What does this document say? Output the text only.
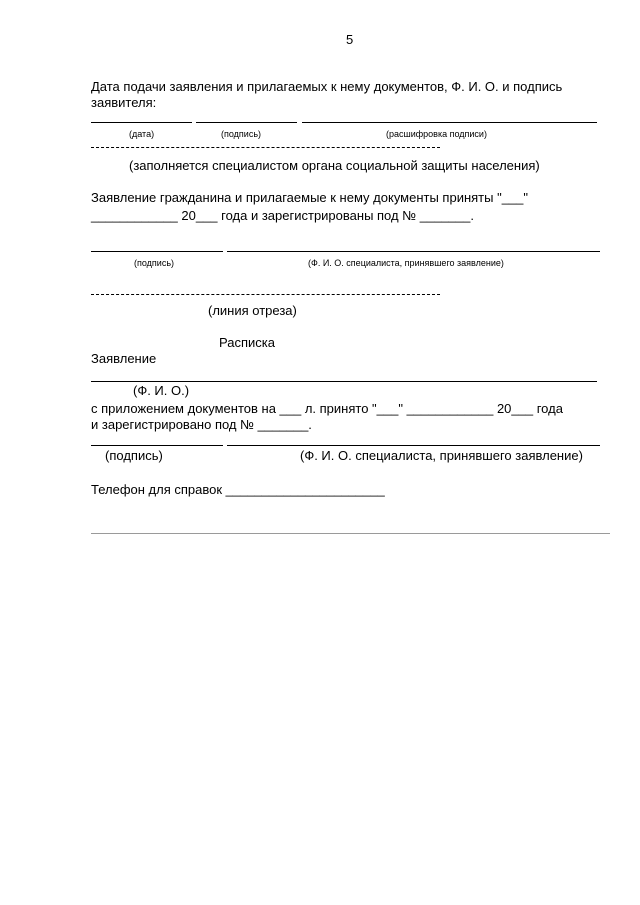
5
Дата подачи заявления и прилагаемых к нему документов, Ф. И. О. и подпись
заявителя:
(дата)	(подпись)	(расшифровка подписи)
(заполняется специалистом органа социальной защиты населения)
Заявление гражданина и прилагаемые к нему документы приняты "___"
____________ 20___ года и зарегистрированы под № _______.
(подпись)	(Ф. И. О. специалиста, принявшего заявление)
(линия отреза)
Расписка
Заявление
(Ф. И. О.)
с приложением документов на ___ л. принято "___" ____________ 20___ года
и зарегистрировано под № _______.
(подпись)	(Ф. И. О. специалиста, принявшего заявление)
Телефон для справок ______________________
